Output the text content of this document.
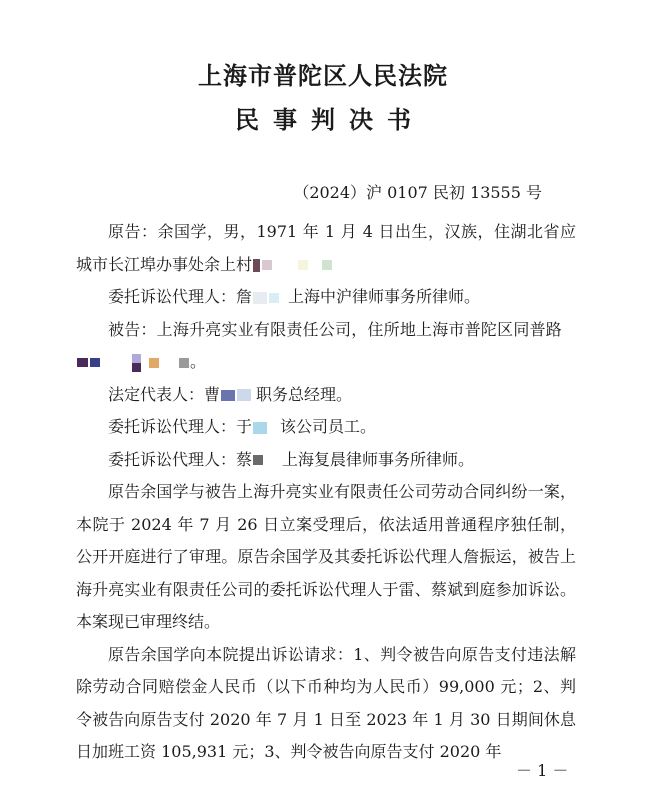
上海市普陀区人民法院
民事判决书
（2024）沪 0107 民初 13555 号

原告：余国学，男，1971 年 1 月 4 日出生，汉族，住湖北省应城市长江埠办事处余上村

委托诉讼代理人：詹 上海中沪律师事务所律师。

被告：上海升亮实业有限责任公司，住所地上海市普陀区同普路。

法定代表人：曹 职务总经理。

委托诉讼代理人：于 该公司员工。

委托诉讼代理人：蔡 上海复晨律师事务所律师。

原告余国学与被告上海升亮实业有限责任公司劳动合同纠纷一案，本院于 2024 年 7 月 26 日立案受理后，依法适用普通程序独任制，公开开庭进行了审理。原告余国学及其委托诉讼代理人詹振运，被告上海升亮实业有限责任公司的委托诉讼代理人于雷、蔡斌到庭参加诉讼。本案现已审理终结。

原告余国学向本院提出诉讼请求：1、判令被告向原告支付违法解除劳动合同赔偿金人民币（以下币种均为人民币）99,000 元；2、判令被告向原告支付 2020 年 7 月 1 日至 2023 年 1 月 30 日期间休息日加班工资 105,931 元；3、判令被告向原告支付 2020 年

－ 1 －
